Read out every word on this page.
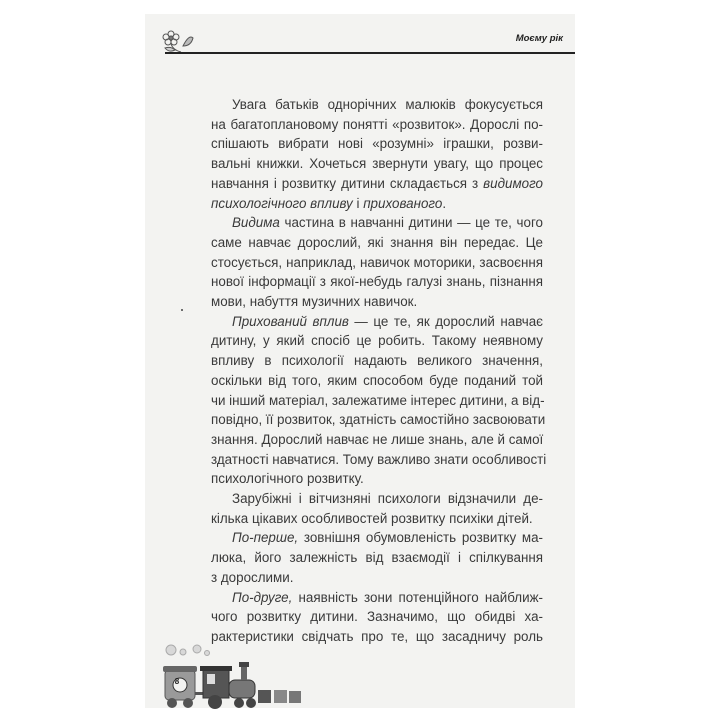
Моєму рік
Увага батьків однорічних малюків фокусується
на багатоплановому понятті «розвиток». Дорослі по-
спішають вибрати нові «розумні» іграшки, розви-
вальні книжки. Хочеться звернути увагу, що процес
навчання і розвитку дитини складається з видимого
психологічного впливу і прихованого.
Видима частина в навчанні дитини — це те, чого
саме навчає дорослий, які знання він передає. Це
стосується, наприклад, навичок моторики, засвоєння
нової інформації з якої-небудь галузі знань, пізнання
мови, набуття музичних навичок.
Прихований вплив — це те, як дорослий навчає
дитину, у який спосіб це робить. Такому неявному
впливу в психології надають великого значення,
оскільки від того, яким способом буде поданий той
чи інший матеріал, залежатиме інтерес дитини, а від-
повідно, її розвиток, здатність самостійно засвоювати
знання. Дорослий навчає не лише знань, але й самої
здатності навчатися. Тому важливо знати особливості
психологічного розвитку.
Зарубіжні і вітчизняні психологи відзначили де-
кілька цікавих особливостей розвитку психіки дітей.
По-перше, зовнішня обумовленість розвитку ма-
люка, його залежність від взаємодії і спілкування
з дорослими.
По-друге, наявність зони потенційного найближ-
чого розвитку дитини. Зазначимо, що обидві ха-
рактеристики свідчать про те, що засадничу роль
8
